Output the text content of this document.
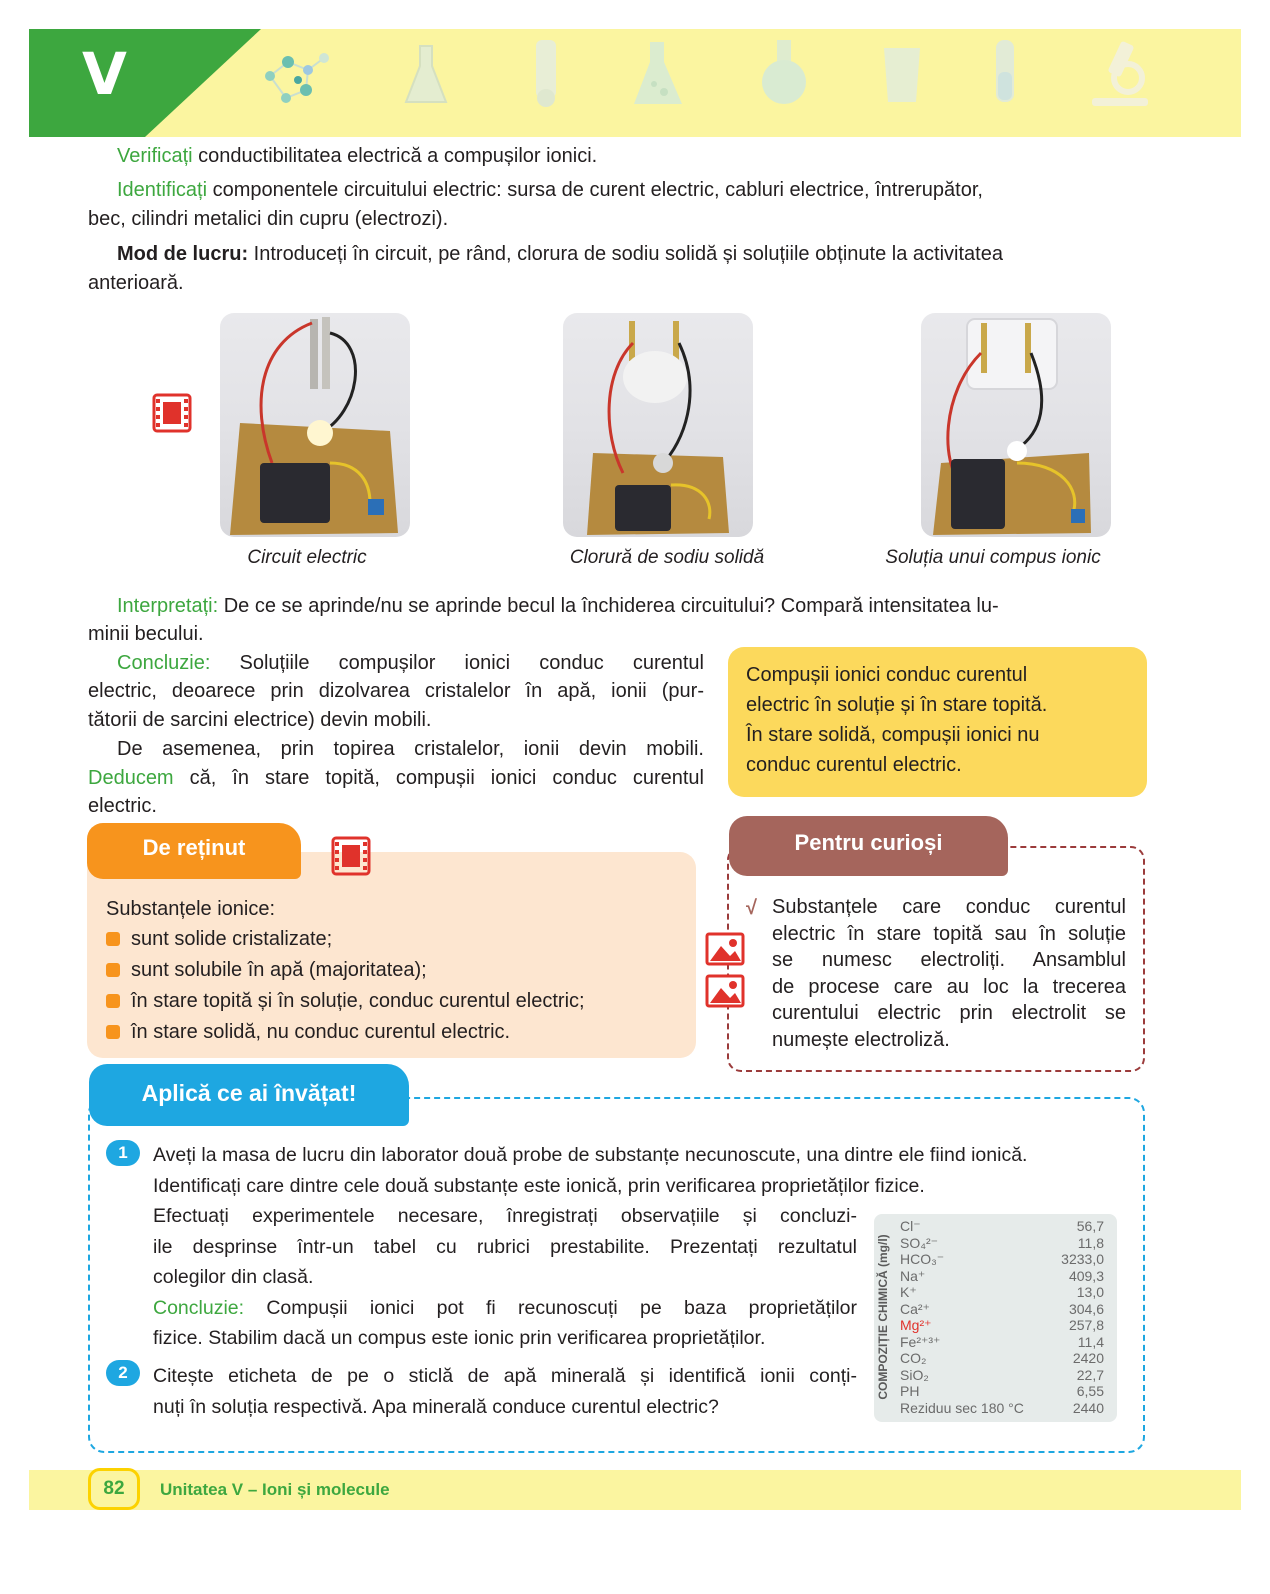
V

Verificați conductibilitatea electrică a compușilor ionici.

Identificați componentele circuitului electric: sursa de curent electric, cabluri electrice, întrerupător,

bec, cilindri metalici din cupru (electrozi).

Mod de lucru: Introduceți în circuit, pe rând, clorura de sodiu solidă și soluțiile obținute la activitatea

anterioară.

Circuit electric	Clorură de sodiu solidă	Soluția unui compus ionic

Interpretați: De ce se aprinde/nu se aprinde becul la închiderea circuitului? Compară intensitatea lu-

minii becului.

Concluzie: Soluțiile compușilor ionici conduc curentul

electric, deoarece prin dizolvarea cristalelor în apă, ionii (pur-

tătorii de sarcini electrice) devin mobili.

De asemenea, prin topirea cristalelor, ionii devin mobili.

Deducem că, în stare topită, compușii ionici conduc curentul

electric.

Compușii ionici conduc curentul
electric în soluție și în stare topită.
În stare solidă, compușii ionici nu
conduc curentul electric.
De reținut
Substanțele ionice:
sunt solide cristalizate;
sunt solubile în apă (majoritatea);
în stare topită și în soluție, conduc curentul electric;
în stare solidă, nu conduc curentul electric.
Pentru curioși
√ Substanțele care conduc curentul
electric în stare topită sau în soluție
se numesc electroliți. Ansamblul
de procese care au loc la trecerea
curentului electric prin electrolit se
numește electroliză.
Aplică ce ai învățat!
1	Aveți la masa de lucru din laborator două probe de substanțe necunoscute, una dintre ele fiind ionică.
Identificați care dintre cele două substanțe este ionică, prin verificarea proprietăților fizice.
Efectuați experimentele necesare, înregistrați observațiile și concluzi-
ile desprinse într-un tabel cu rubrici prestabilite. Prezentați rezultatul
colegilor din clasă.
Concluzie: Compușii ionici pot fi recunoscuți pe baza proprietăților
fizice. Stabilim dacă un compus este ionic prin verificarea proprietăților.
2	Citește eticheta de pe o sticlă de apă minerală și identifică ionii conți-
nuți în soluția respectivă. Apa minerală conduce curentul electric?
COMPOZIȚIE CHIMICĂ (mg/l)
Cl⁻	56,7
SO₄²⁻	11,8
HCO₃⁻	3233,0
Na⁺	409,3
K⁺	13,0
Ca²⁺	304,6
Mg²⁺	257,8
Fe²⁺³⁺	11,4
CO₂	2420
SiO₂	22,7
PH	6,55
Reziduu sec 180 °C	2440
82	Unitatea V – Ioni și molecule
